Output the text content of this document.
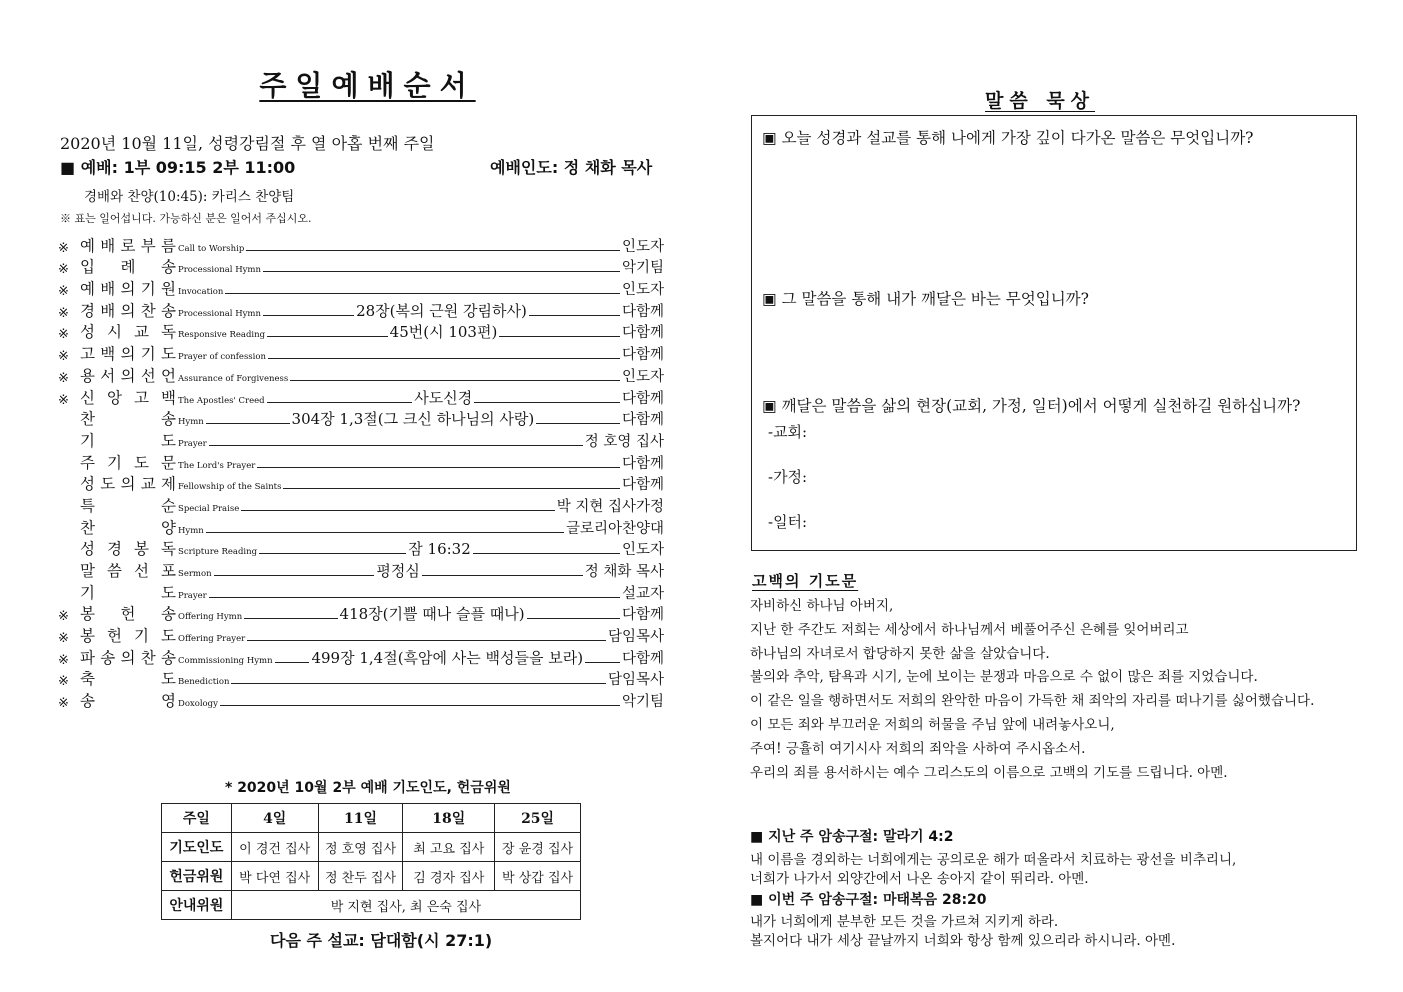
주일예배순서
2020년 10월 11일, 성령강림절 후 열 아홉 번째 주일
■ 예배: 1부 09:15 2부 11:00	예배인도: 정 채화 목사
경배와 찬양(10:45): 카리스 찬양팀
※ 표는 일어섭니다. 가능하신 분은 일어서 주십시오.
※ 예 배 로 부 름 Call to Worship	인도자
※ 입 례 송 Processional Hymn	악기팀
※ 예 배 의 기 원 Invocation	인도자
※ 경 배 의 찬 송 Processional Hymn	28장(복의 근원 강림하사)	다함께
※ 성 시 교 독 Responsive Reading	45번(시 103편)	다함께
※ 고 백 의 기 도 Prayer of confession	다함께
※ 용 서 의 선 언 Assurance of Forgiveness	인도자
※ 신 앙 고 백 The Apostles' Creed	사도신경	다함께
찬	송 Hymn	304장 1,3절(그 크신 하나님의 사랑)	다함께
기	도 Prayer	정 호영 집사
주 기 도 문 The Lord's Prayer	다함께
성 도 의 교 제 Fellowship of the Saints	다함께
특	순 Special Praise	박 지현 집사가정
찬	양 Hymn	글로리아찬양대
성 경 봉 독 Scripture Reading	잠 16:32	인도자
말 씀 선 포 Sermon	평정심	정 채화 목사
기	도 Prayer	설교자
※ 봉 헌 송 Offering Hymn	418장(기쁠 때나 슬플 때나)	다함께
※ 봉 헌 기 도 Offering Prayer	담임목사
※ 파 송 의 찬 송 Commissioning Hymn	499장 1,4절(흑암에 사는 백성들을 보라)	다함께
※ 축	도 Benediction	담임목사
※ 송	영 Doxology	악기팀
* 2020년 10월 2부 예배 기도인도, 헌금위원
주일	4일	11일	18일	25일
기도인도	이 경건 집사	정 호영 집사	최 고요 집사	장 윤경 집사
헌금위원	박 다연 집사	정 찬두 집사	김 경자 집사	박 상갑 집사
안내위원	박 지현 집사, 최 은숙 집사			
다음 주 설교: 담대함(시 27:1)
말씀 묵상
▣ 오늘 성경과 설교를 통해 나에게 가장 깊이 다가온 말씀은 무엇입니까?
▣ 그 말씀을 통해 내가 깨달은 바는 무엇입니까?
▣ 깨달은 말씀을 삶의 현장(교회, 가정, 일터)에서 어떻게 실천하길 원하십니까?
-교회:
-가정:
-일터:
고백의 기도문
자비하신 하나님 아버지,
지난 한 주간도 저희는 세상에서 하나님께서 베풀어주신 은혜를 잊어버리고
하나님의 자녀로서 합당하지 못한 삶을 살았습니다.
불의와 추악, 탐욕과 시기, 눈에 보이는 분쟁과 마음으로 수 없이 많은 죄를 지었습니다.
이 같은 일을 행하면서도 저희의 완악한 마음이 가득한 채 죄악의 자리를 떠나기를 싫어했습니다.
이 모든 죄와 부끄러운 저희의 허물을 주님 앞에 내려놓사오니,
주여! 긍휼히 여기시사 저희의 죄악을 사하여 주시옵소서.
우리의 죄를 용서하시는 예수 그리스도의 이름으로 고백의 기도를 드립니다. 아멘.
■ 지난 주 암송구절: 말라기 4:2
내 이름을 경외하는 너희에게는 공의로운 해가 떠올라서 치료하는 광선을 비추리니,
너희가 나가서 외양간에서 나온 송아지 같이 뛰리라. 아멘.
■ 이번 주 암송구절: 마태복음 28:20
내가 너희에게 분부한 모든 것을 가르쳐 지키게 하라.
볼지어다 내가 세상 끝날까지 너희와 항상 함께 있으리라 하시니라. 아멘.
